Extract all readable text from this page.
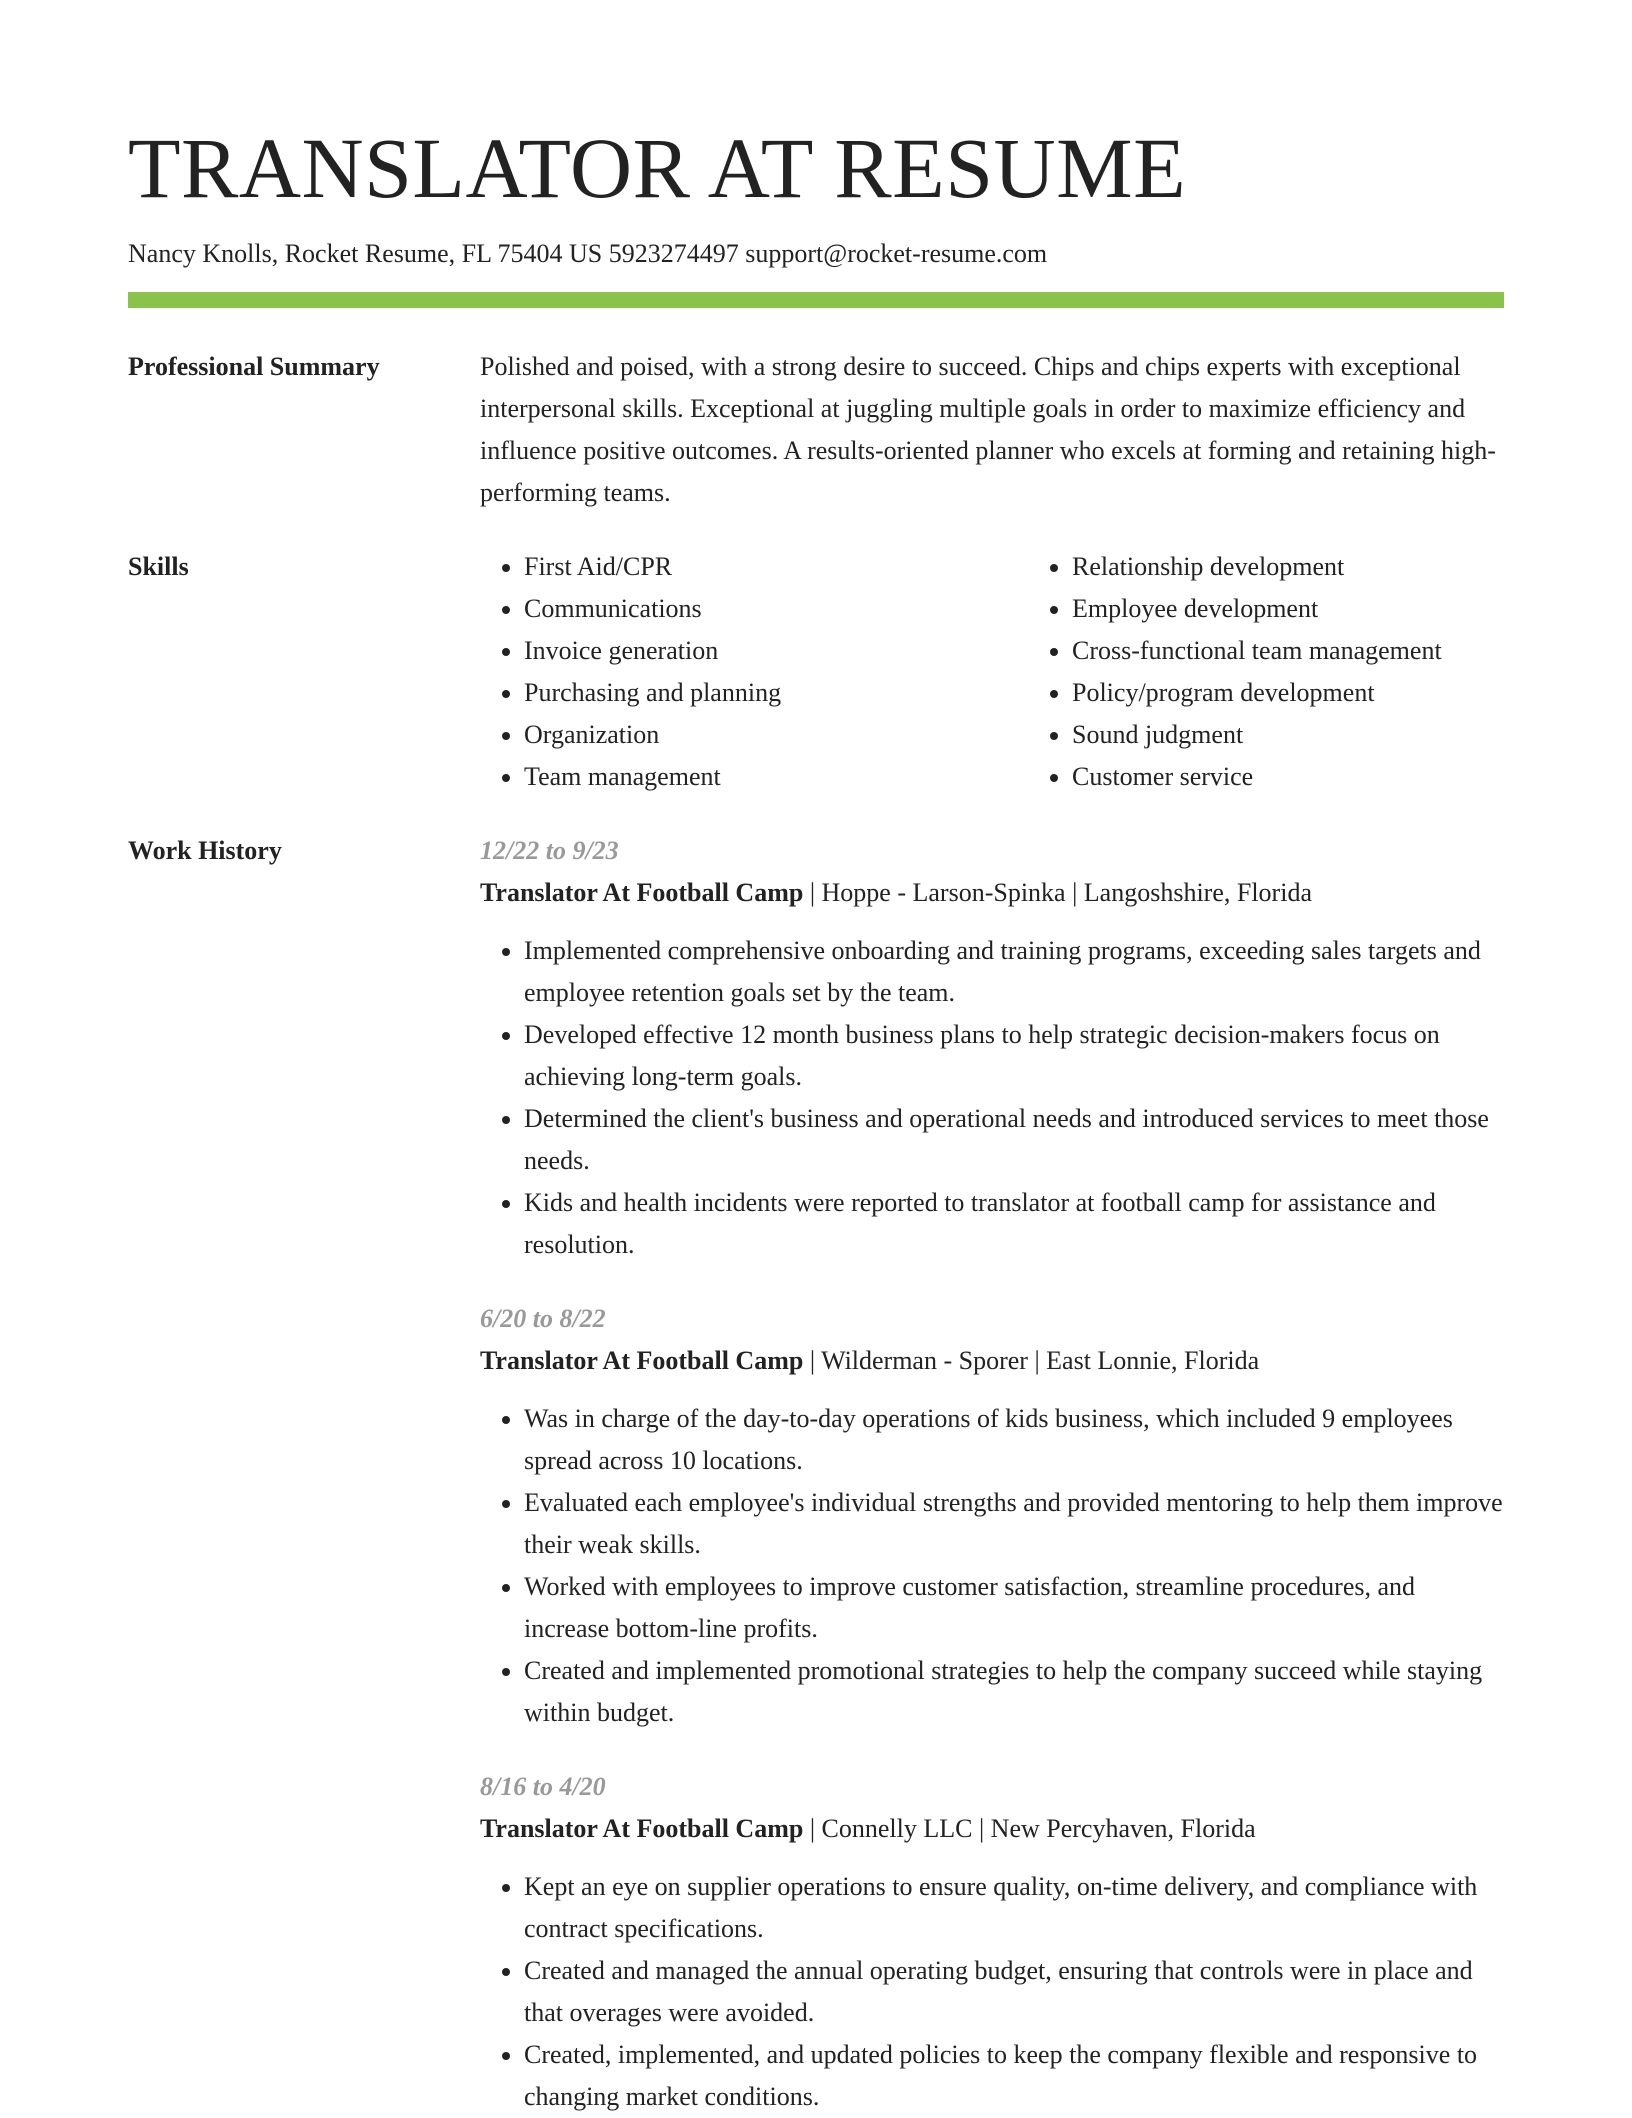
TRANSLATOR AT RESUME
Nancy Knolls, Rocket Resume, FL 75404 US 5923274497 support@rocket-resume.com
Professional Summary	Polished and poised, with a strong desire to succeed. Chips and chips experts with exceptional interpersonal skills. Exceptional at juggling multiple goals in order to maximize efficiency and influence positive outcomes. A results-oriented planner who excels at forming and retaining high-performing teams.

Skills
•	First Aid/CPR
• Communications
• Invoice generation
• Purchasing and planning
• Organization
• Team management
• Relationship development
• Employee development
• Cross-functional team management
• Policy/program development
• Sound judgment
• Customer service
Work History	12/22 to 9/23
Translator At Football Camp | Hoppe - Larson-Spinka | Langoshshire, Florida
• Implemented comprehensive onboarding and training programs, exceeding sales targets and employee retention goals set by the team.
• Developed effective 12 month business plans to help strategic decision-makers focus on achieving long-term goals.
• Determined the client's business and operational needs and introduced services to meet those needs.
• Kids and health incidents were reported to translator at football camp for assistance and resolution.
6/20 to 8/22
Translator At Football Camp | Wilderman - Sporer | East Lonnie, Florida
• Was in charge of the day-to-day operations of kids business, which included 9 employees spread across 10 locations.
• Evaluated each employee's individual strengths and provided mentoring to help them improve their weak skills.
• Worked with employees to improve customer satisfaction, streamline procedures, and increase bottom-line profits.
• Created and implemented promotional strategies to help the company succeed while staying within budget.
8/16 to 4/20
Translator At Football Camp | Connelly LLC | New Percyhaven, Florida
• Kept an eye on supplier operations to ensure quality, on-time delivery, and compliance with contract specifications.
• Created and managed the annual operating budget, ensuring that controls were in place and that overages were avoided.
• Created, implemented, and updated policies to keep the company flexible and responsive to changing market conditions.
